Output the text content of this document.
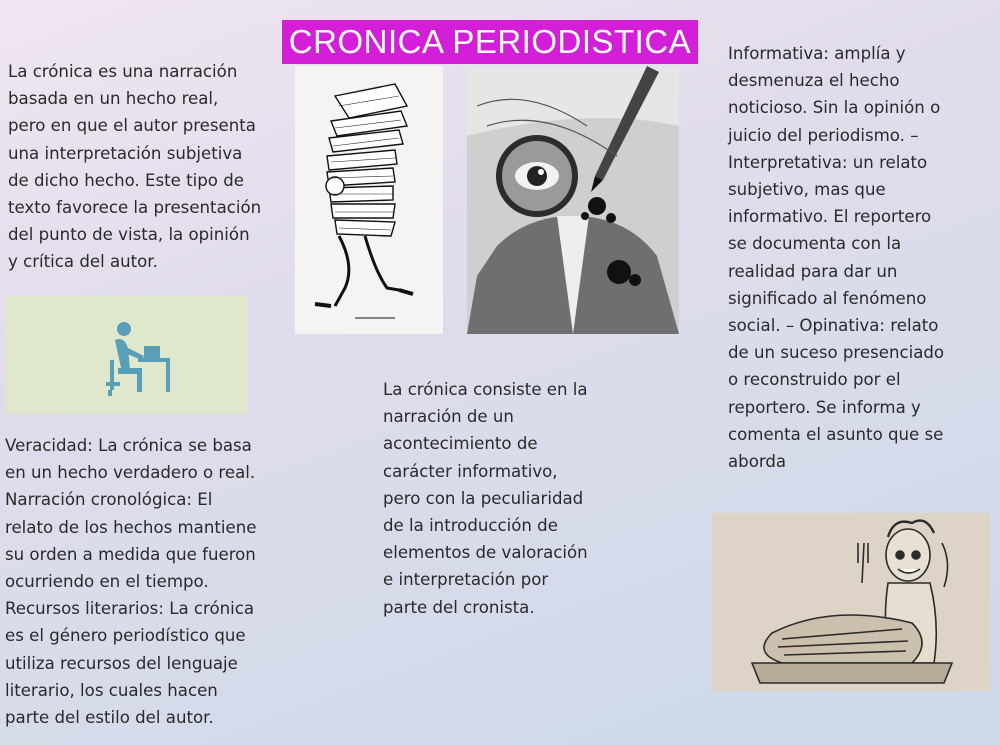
CRONICA PERIODISTICA

La crónica es una narración
basada en un hecho real,
pero en que el autor presenta
una interpretación subjetiva
de dicho hecho. Este tipo de
texto favorece la presentación
del punto de vista, la opinión
y crítica del autor.

Veracidad: La crónica se basa
en un hecho verdadero o real.
Narración cronológica: El
relato de los hechos mantiene
su orden a medida que fueron
ocurriendo en el tiempo.
Recursos literarios: La crónica
es el género periodístico que
utiliza recursos del lenguaje
literario, los cuales hacen
parte del estilo del autor.

La crónica consiste en la
narración de un
acontecimiento de
carácter informativo,
pero con la peculiaridad
de la introducción de
elementos de valoración
e interpretación por
parte del cronista.

Informativa: amplía y
desmenuza el hecho
noticioso. Sin la opinión o
juicio del periodismo. –
Interpretativa: un relato
subjetivo, mas que
informativo. El reportero
se documenta con la
realidad para dar un
significado al fenómeno
social. – Opinativa: relato
de un suceso presenciado
o reconstruido por el
reportero. Se informa y
comenta el asunto que se
aborda
